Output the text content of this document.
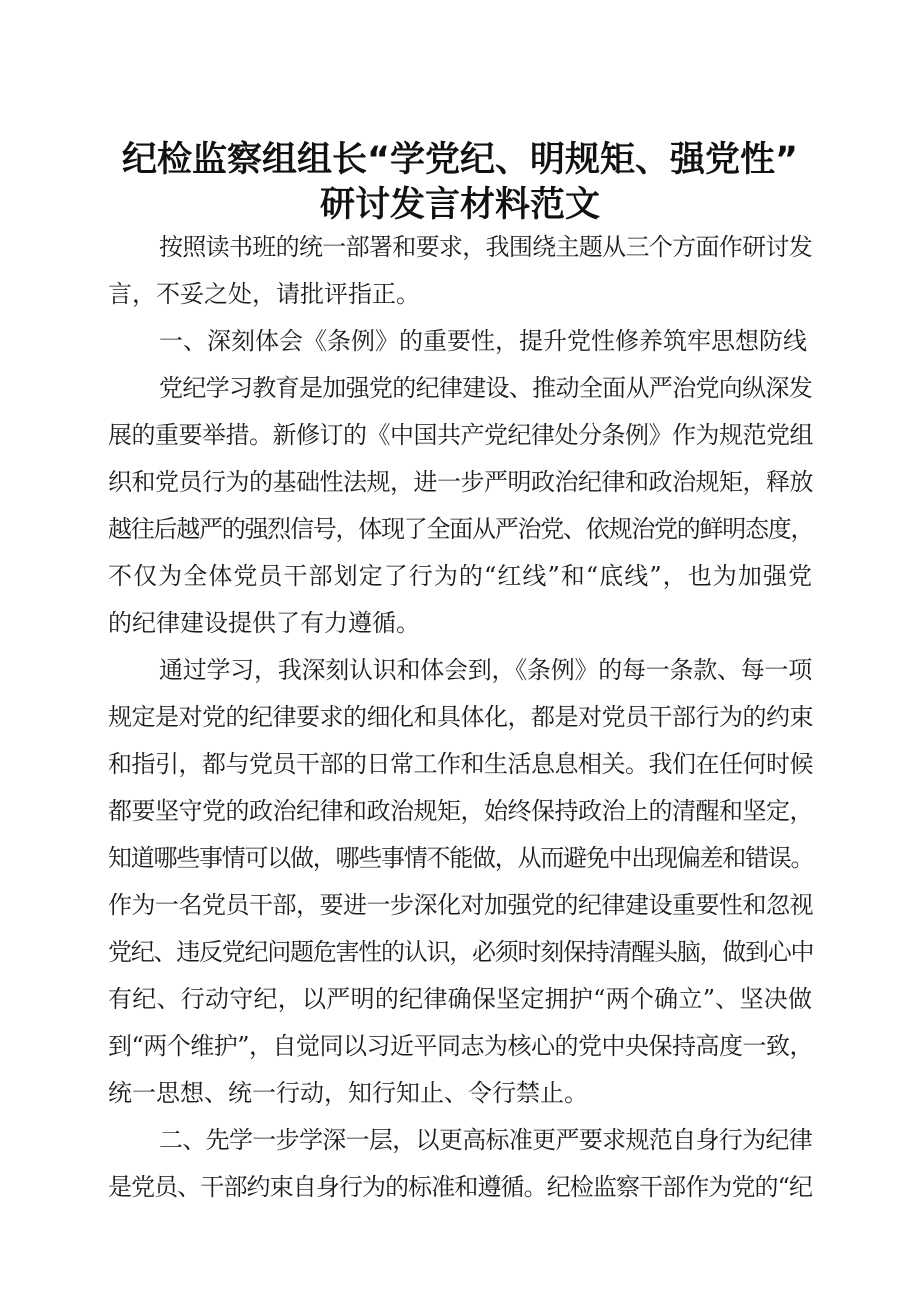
纪检监察组组长“学党纪、明规矩、强党性”
研讨发言材料范文
按照读书班的统一部署和要求，我围绕主题从三个方面作研讨发
言，不妥之处，请批评指正。
一、深刻体会《条例》的重要性，提升党性修养筑牢思想防线
党纪学习教育是加强党的纪律建设、推动全面从严治党向纵深发
展的重要举措。新修订的《中国共产党纪律处分条例》作为规范党组
织和党员行为的基础性法规，进一步严明政治纪律和政治规矩，释放
越往后越严的强烈信号，体现了全面从严治党、依规治党的鲜明态度，
不仅为全体党员干部划定了行为的“红线”和“底线”，也为加强党
的纪律建设提供了有力遵循。
通过学习，我深刻认识和体会到，《条例》的每一条款、每一项
规定是对党的纪律要求的细化和具体化，都是对党员干部行为的约束
和指引，都与党员干部的日常工作和生活息息相关。我们在任何时候
都要坚守党的政治纪律和政治规矩，始终保持政治上的清醒和坚定，
知道哪些事情可以做，哪些事情不能做，从而避免中出现偏差和错误。
作为一名党员干部，要进一步深化对加强党的纪律建设重要性和忽视
党纪、违反党纪问题危害性的认识，必须时刻保持清醒头脑，做到心中
有纪、行动守纪，以严明的纪律确保坚定拥护“两个确立”、坚决做
到“两个维护”，自觉同以习近平同志为核心的党中央保持高度一致，
统一思想、统一行动，知行知止、令行禁止。
二、先学一步学深一层，以更高标准更严要求规范自身行为纪律
是党员、干部约束自身行为的标准和遵循。纪检监察干部作为党的“纪
